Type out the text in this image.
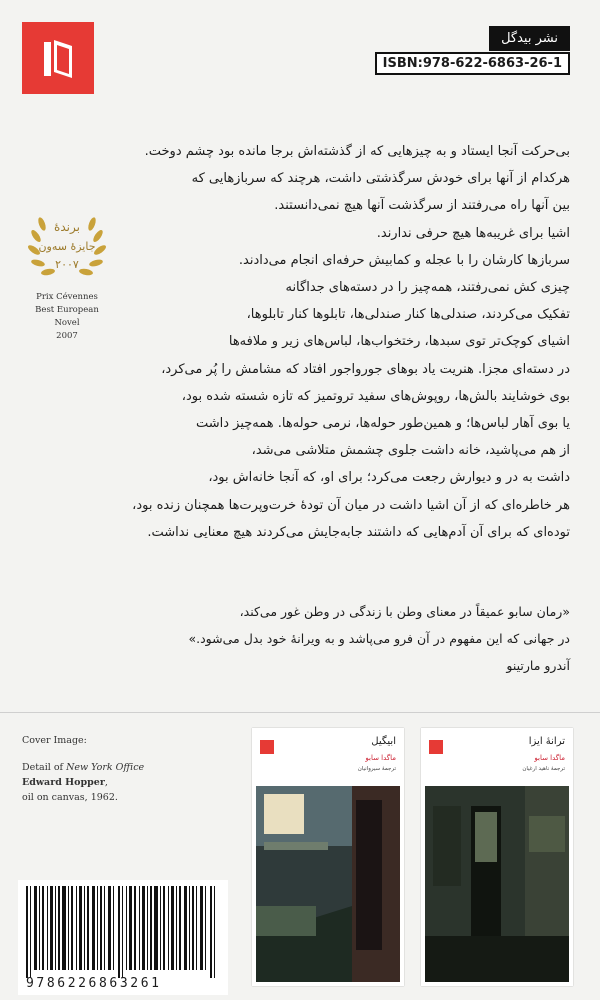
نشر بیدگل
ISBN:978-622-6863-26-1
برندهٔ
جایزهٔ سه‌ون
۲۰۰۷
Prix Cévennes
Best European Novel
2007

بی‌حرکت آنجا ایستاد و به چیزهایی که از گذشته‌اش برجا مانده بود چشم دوخت.

هرکدام از آنها برای خودش سرگذشتی داشت، هرچند که سربازهایی که

بین آنها راه می‌رفتند از سرگذشت آنها هیچ نمی‌دانستند.

اشیا برای غریبه‌ها هیچ حرفی ندارند.

سربازها کارشان را با عجله و کمابیش حرفه‌ای انجام می‌دادند.

چیزی کش نمی‌رفتند، همه‌چیز را در دسته‌های جداگانه

تفکیک می‌کردند، صندلی‌ها کنار صندلی‌ها، تابلوها کنار تابلوها،

اشیای کوچک‌تر توی سبدها، رختخواب‌ها، لباس‌های زیر و ملافه‌ها

در دسته‌ای مجزا. هنریت یاد بوهای جورواجور افتاد که مشامش را پُر می‌کرد،

بوی خوشایند بالش‌ها، روپوش‌های سفید ترو‌تمیز که تازه شسته شده بود،

یا بوی آهار لباس‌ها؛ و همین‌طور حوله‌ها، نرمی حوله‌ها. همه‌چیز داشت

از هم می‌پاشید، خانه داشت جلوی چشمش متلاشی می‌شد،

داشت به در و دیوارش رجعت می‌کرد؛ برای او، که آنجا خانه‌اش بود،

هر خاطره‌ای که از آن اشیا داشت در میان آن تودهٔ خرت‌وپرت‌ها همچنان زنده بود،

توده‌ای که برای آن آدم‌هایی که داشتند جابه‌جایش می‌کردند هیچ معنایی نداشت.

«رمان سابو عمیقاً در معنای وطن با زندگی در وطن غور می‌کند،

در جهانی که این مفهوم در آن فرو می‌پاشد و به ویرانهٔ خود بدل می‌شود.»

آندرو مارتینو

Cover Image:
Detail of New York Office
Edward Hopper,
oil on canvas, 1962.
9786226863261
ابیگیل
ماگدا سابو
ترجمهٔ سیروانیان
ترانهٔ ایزا
ماگدا سابو
ترجمهٔ ناهید ارغیان
